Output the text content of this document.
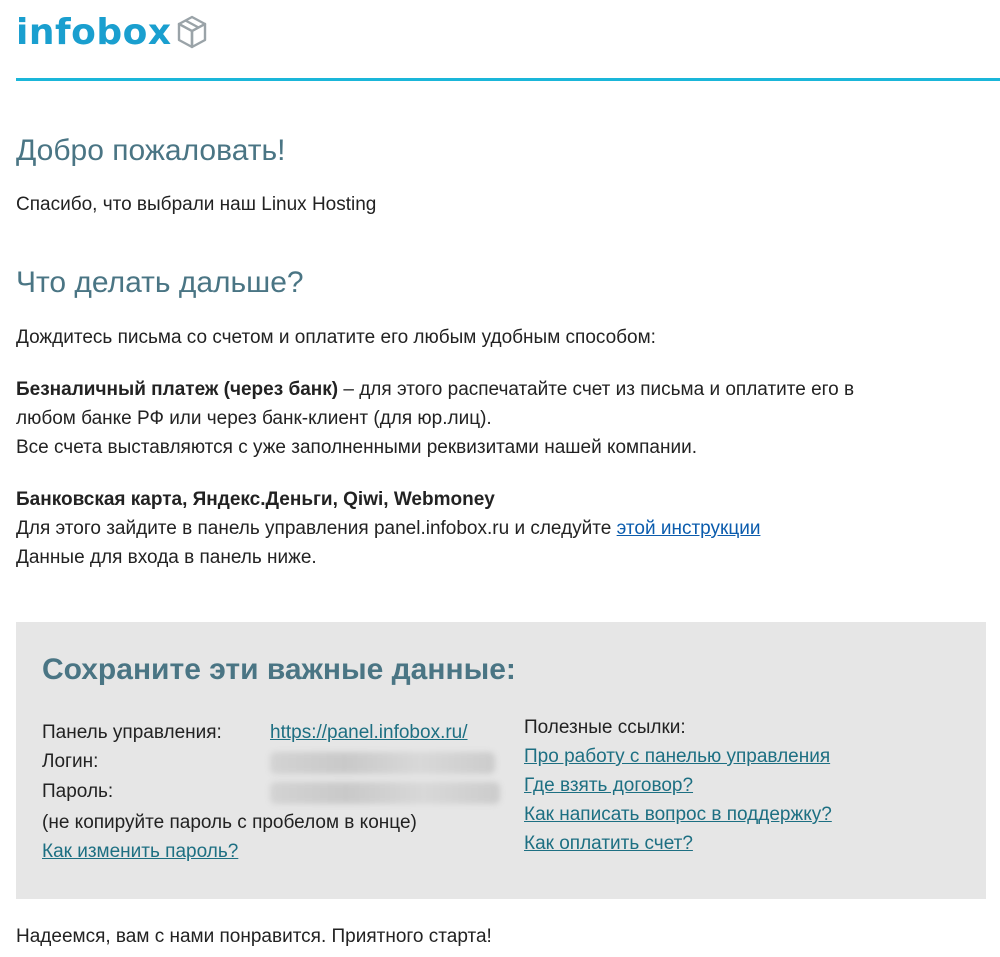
infobox
Добро пожаловать!

Спасибо, что выбрали наш Linux Hosting

Что делать дальше?

Дождитесь письма со счетом и оплатите его любым удобным способом:

Безналичный платеж (через банк) – для этого распечатайте счет из письма и оплатите его в

любом банке РФ или через банк-клиент (для юр.лиц).

Все счета выставляются с уже заполненными реквизитами нашей компании.

Банковская карта, Яндекс.Деньги, Qiwi, Webmoney

Для этого зайдите в панель управления panel.infobox.ru и следуйте этой инструкции

Данные для входа в панель ниже.

Сохраните эти важные данные:
Панель управления:	https://panel.infobox.ru/
Логин:
Пароль:
(не копируйте пароль с пробелом в конце)
Как изменить пароль?
Полезные ссылки:
Про работу с панелью управления
Где взять договор?
Как написать вопрос в поддержку?
Как оплатить счет?

Надеемся, вам с нами понравится. Приятного старта!
